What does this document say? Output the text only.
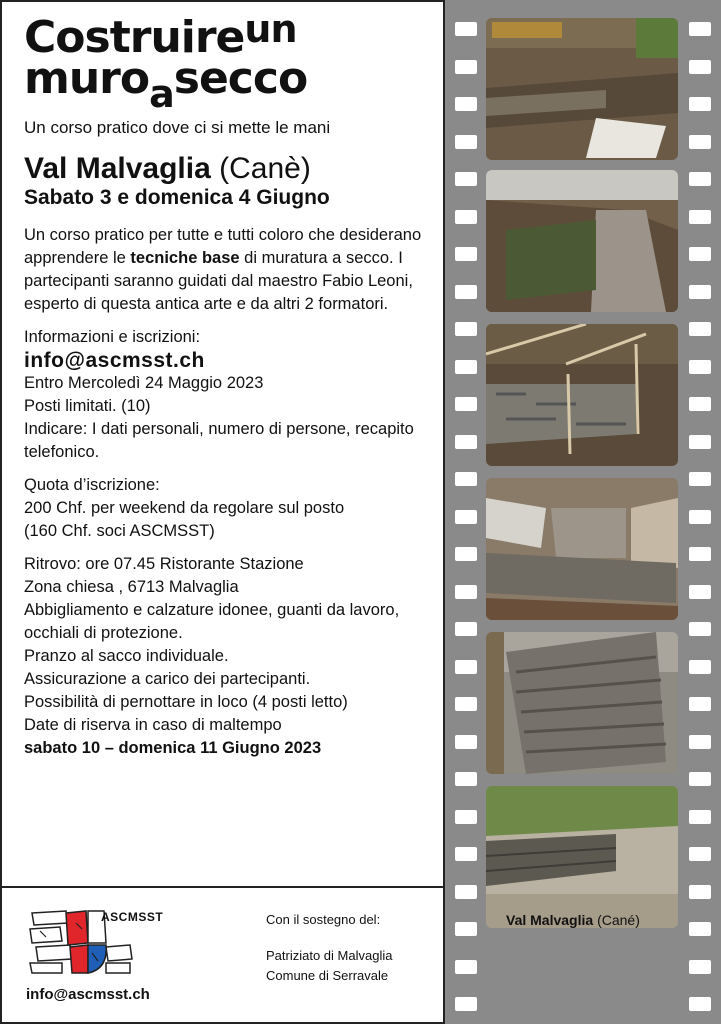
Costruireun
muroasecco
Un corso pratico dove ci si mette le mani
Val Malvaglia (Canè)
Sabato 3 e domenica 4 Giugno
Un corso pratico per tutte e tutti coloro che desiderano apprendere le tecniche base di muratura a secco. I partecipanti saranno guidati dal maestro Fabio Leoni, esperto di questa antica arte e da altri 2 formatori.
Informazioni e iscrizioni:
info@ascmsst.ch
Entro Mercoledì 24 Maggio 2023
Posti limitati. (10)
Indicare: I dati personali, numero di persone, recapito telefonico.
Quota d’iscrizione:
200 Chf. per weekend da regolare sul posto
(160 Chf. soci ASCMSST)
Ritrovo: ore 07.45 Ristorante Stazione
Zona chiesa , 6713 Malvaglia
Abbigliamento e calzature idonee, guanti da lavoro, occhiali di protezione.
Pranzo al sacco individuale.
Assicurazione a carico dei partecipanti.
Possibilità di pernottare in loco (4 posti letto)
Date di riserva in caso di maltempo
sabato 10 – domenica 11 Giugno 2023
ASCMSST
info@ascmsst.ch
Con il sostegno del:
Patriziato di Malvaglia
Comune di Serravale
Val Malvaglia (Cané)
